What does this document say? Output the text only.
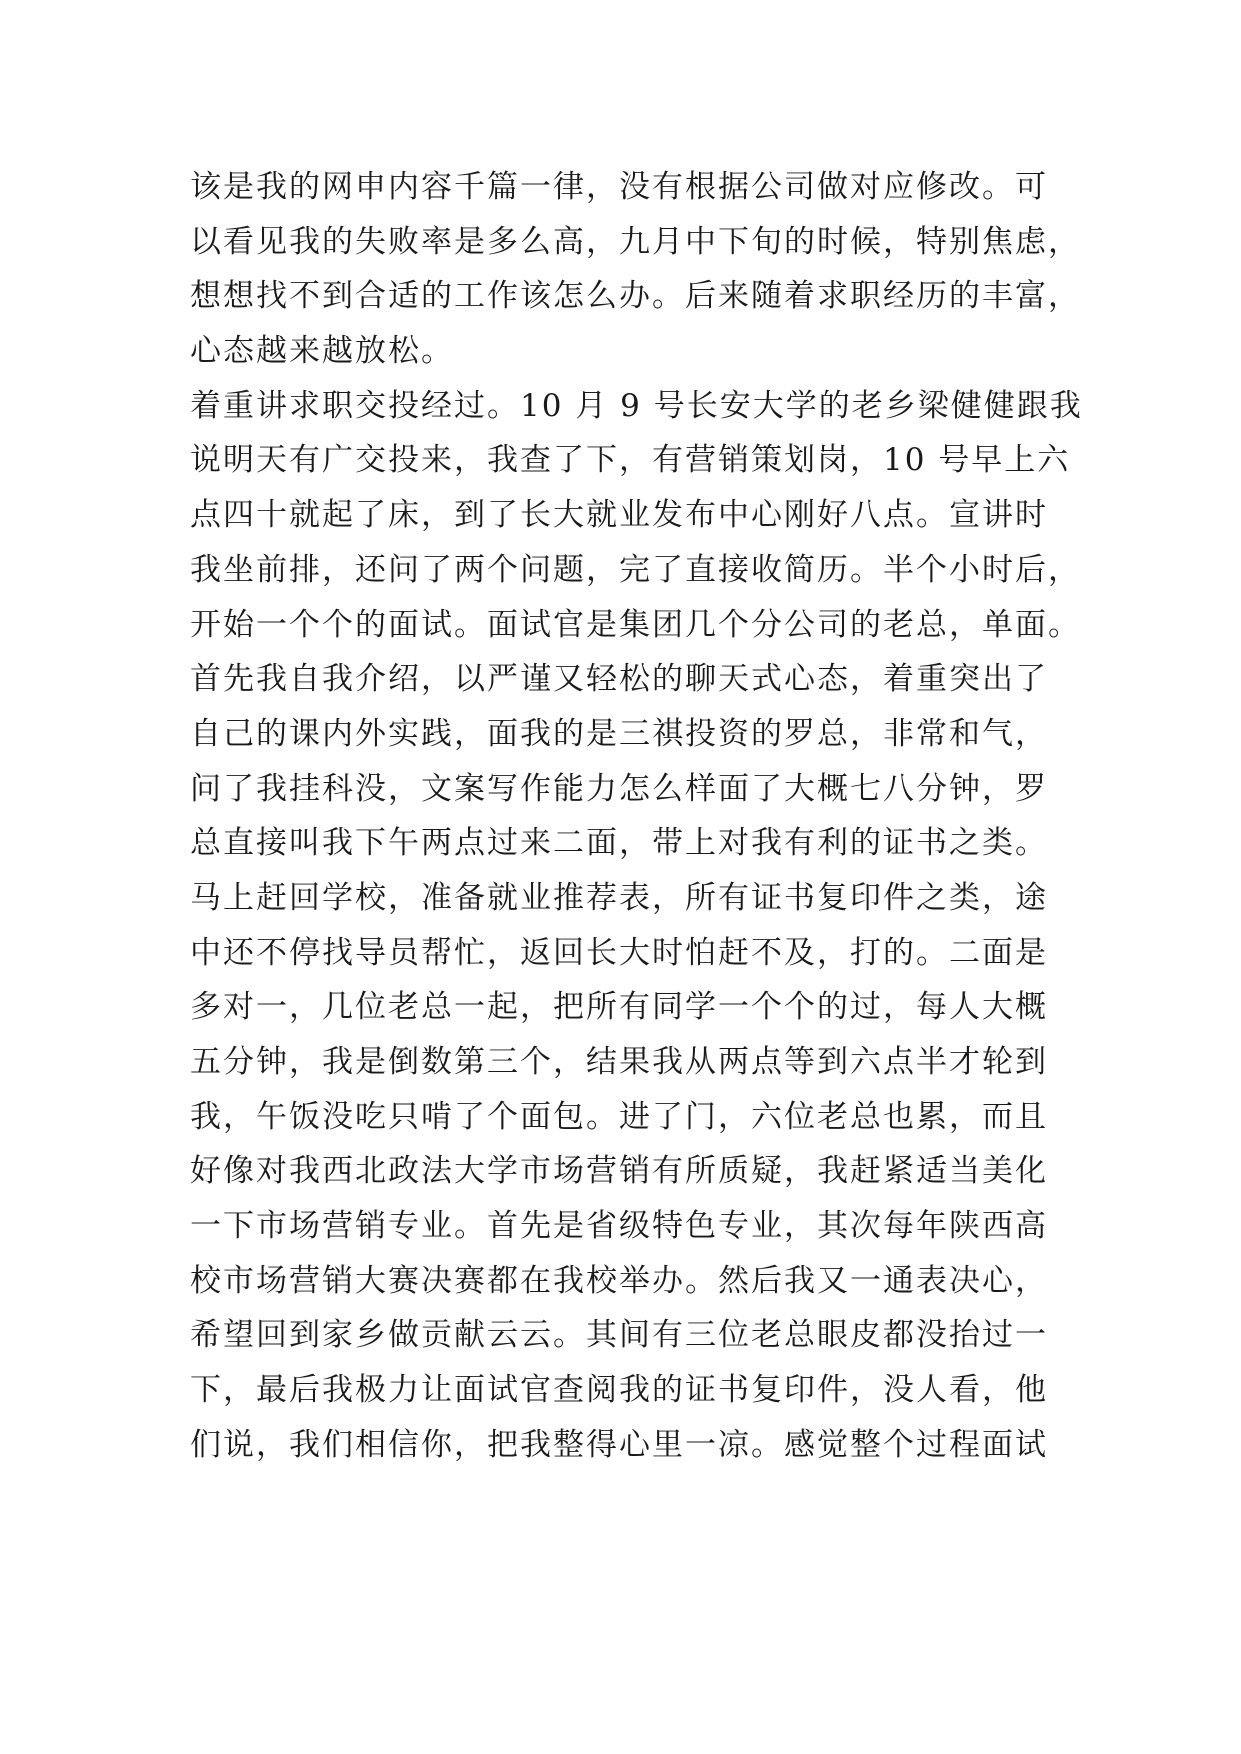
该是我的网申内容千篇一律，没有根据公司做对应修改。可
以看见我的失败率是多么高，九月中下旬的时候，特别焦虑，
想想找不到合适的工作该怎么办。后来随着求职经历的丰富，
心态越来越放松。
着重讲求职交投经过。10 月 9 号长安大学的老乡梁健健跟我
说明天有广交投来，我查了下，有营销策划岗，10 号早上六
点四十就起了床，到了长大就业发布中心刚好八点。宣讲时
我坐前排，还问了两个问题，完了直接收简历。半个小时后，
开始一个个的面试。面试官是集团几个分公司的老总，单面。
首先我自我介绍，以严谨又轻松的聊天式心态，着重突出了
自己的课内外实践，面我的是三祺投资的罗总，非常和气，
问了我挂科没，文案写作能力怎么样面了大概七八分钟，罗
总直接叫我下午两点过来二面，带上对我有利的证书之类。
马上赶回学校，准备就业推荐表，所有证书复印件之类，途
中还不停找导员帮忙，返回长大时怕赶不及，打的。二面是
多对一，几位老总一起，把所有同学一个个的过，每人大概
五分钟，我是倒数第三个，结果我从两点等到六点半才轮到
我，午饭没吃只啃了个面包。进了门，六位老总也累，而且
好像对我西北政法大学市场营销有所质疑，我赶紧适当美化
一下市场营销专业。首先是省级特色专业，其次每年陕西高
校市场营销大赛决赛都在我校举办。然后我又一通表决心，
希望回到家乡做贡献云云。其间有三位老总眼皮都没抬过一
下，最后我极力让面试官查阅我的证书复印件，没人看，他
们说，我们相信你，把我整得心里一凉。感觉整个过程面试
